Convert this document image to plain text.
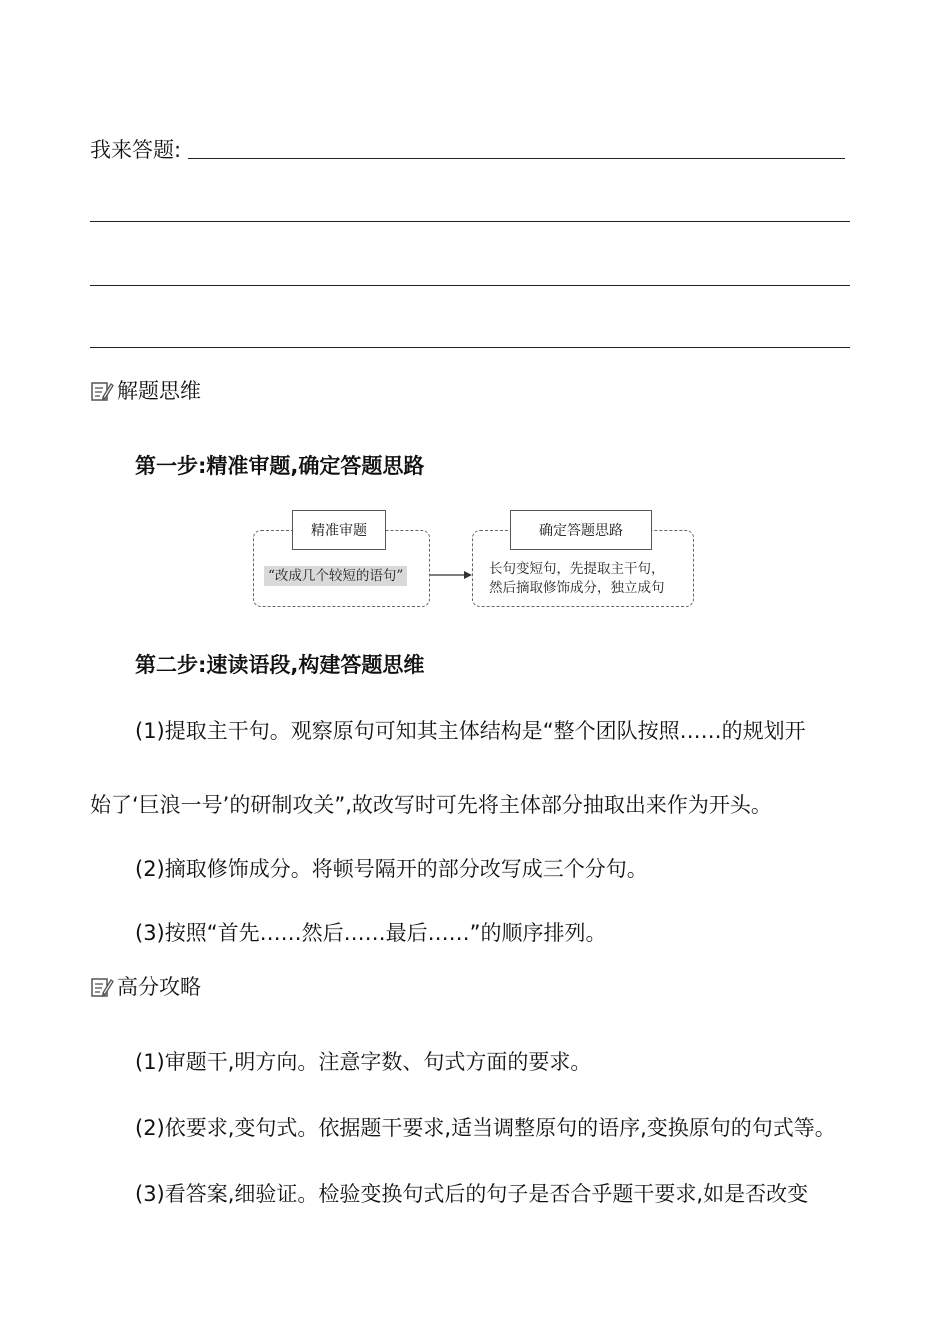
我来答题:
解题思维
第一步:精准审题,确定答题思路
精准审题
“改成几个较短的语句”
确定答题思路
长句变短句，先提取主干句，
然后摘取修饰成分，独立成句
第二步:速读语段,构建答题思维
(1)提取主干句。观察原句可知其主体结构是“整个团队按照……的规划开
始了‘巨浪一号’的研制攻关”,故改写时可先将主体部分抽取出来作为开头。
(2)摘取修饰成分。将顿号隔开的部分改写成三个分句。
(3)按照“首先……然后……最后……”的顺序排列。
高分攻略
(1)审题干,明方向。注意字数、句式方面的要求。
(2)依要求,变句式。依据题干要求,适当调整原句的语序,变换原句的句式等。
(3)看答案,细验证。检验变换句式后的句子是否合乎题干要求,如是否改变
